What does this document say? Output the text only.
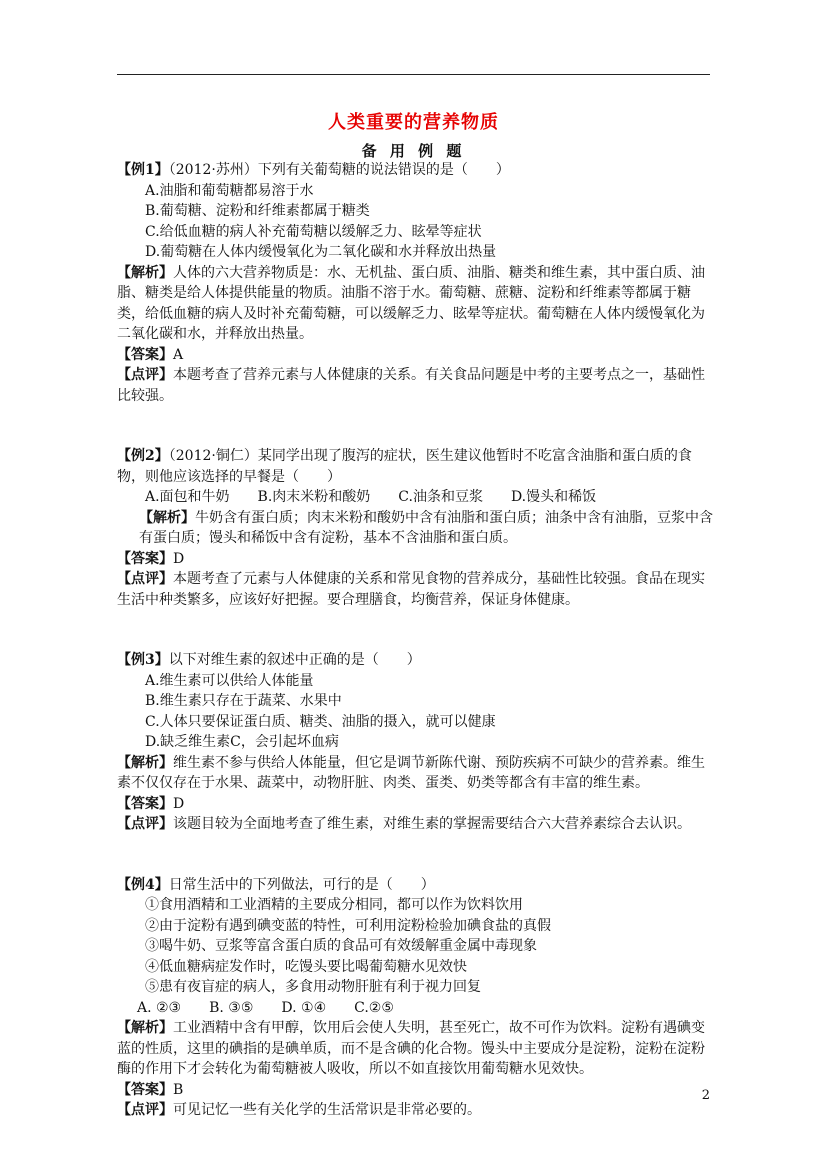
人类重要的营养物质
备 用 例 题

【例1】（2012·苏州）下列有关葡萄糖的说法错误的是（　　）

A.油脂和葡萄糖都易溶于水

B.葡萄糖、淀粉和纤维素都属于糖类

C.给低血糖的病人补充葡萄糖以缓解乏力、眩晕等症状

D.葡萄糖在人体内缓慢氧化为二氧化碳和水并释放出热量

【解析】人体的六大营养物质是：水、无机盐、蛋白质、油脂、糖类和维生素，其中蛋白质、油脂、糖类是给人体提供能量的物质。油脂不溶于水。葡萄糖、蔗糖、淀粉和纤维素等都属于糖类，给低血糖的病人及时补充葡萄糖，可以缓解乏力、眩晕等症状。葡萄糖在人体内缓慢氧化为二氧化碳和水，并释放出热量。

【答案】A

【点评】本题考查了营养元素与人体健康的关系。有关食品问题是中考的主要考点之一，基础性比较强。

【例2】（2012·铜仁）某同学出现了腹泻的症状，医生建议他暂时不吃富含油脂和蛋白质的食物，则他应该选择的早餐是（　　）

A.面包和牛奶　　B.肉末米粉和酸奶　　C.油条和豆浆　　D.馒头和稀饭

【解析】牛奶含有蛋白质；肉末米粉和酸奶中含有油脂和蛋白质；油条中含有油脂，豆浆中含有蛋白质；馒头和稀饭中含有淀粉，基本不含油脂和蛋白质。

【答案】D

【点评】本题考查了元素与人体健康的关系和常见食物的营养成分，基础性比较强。食品在现实生活中种类繁多，应该好好把握。要合理膳食，均衡营养，保证身体健康。

【例3】以下对维生素的叙述中正确的是（　　）

A.维生素可以供给人体能量

B.维生素只存在于蔬菜、水果中

C.人体只要保证蛋白质、糖类、油脂的摄入，就可以健康

D.缺乏维生素C，会引起坏血病

【解析】维生素不参与供给人体能量，但它是调节新陈代谢、预防疾病不可缺少的营养素。维生素不仅仅存在于水果、蔬菜中，动物肝脏、肉类、蛋类、奶类等都含有丰富的维生素。

【答案】D

【点评】该题目较为全面地考查了维生素，对维生素的掌握需要结合六大营养素综合去认识。

【例4】日常生活中的下列做法，可行的是（　　）

①食用酒精和工业酒精的主要成分相同，都可以作为饮料饮用

②由于淀粉有遇到碘变蓝的特性，可利用淀粉检验加碘食盐的真假

③喝牛奶、豆浆等富含蛋白质的食品可有效缓解重金属中毒现象

④低血糖病症发作时，吃馒头要比喝葡萄糖水见效快

⑤患有夜盲症的病人，多食用动物肝脏有利于视力回复

A. ②③　　B. ③⑤　　D. ①④　　C.②⑤

【解析】工业酒精中含有甲醇，饮用后会使人失明，甚至死亡，故不可作为饮料。淀粉有遇碘变蓝的性质，这里的碘指的是碘单质，而不是含碘的化合物。馒头中主要成分是淀粉，淀粉在淀粉酶的作用下才会转化为葡萄糖被人吸收，所以不如直接饮用葡萄糖水见效快。

【答案】B

【点评】可见记忆一些有关化学的生活常识是非常必要的。

2
